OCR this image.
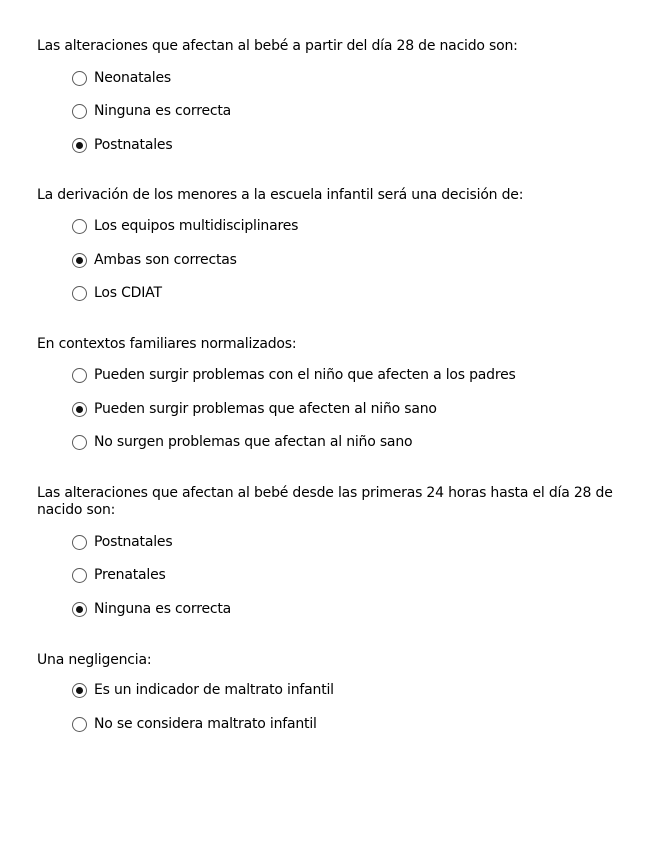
Las alteraciones que afectan al bebé a partir del día 28 de nacido son:

Neonatales
Ninguna es correcta
Postnatales

La derivación de los menores a la escuela infantil será una decisión de:

Los equipos multidisciplinares
Ambas son correctas
Los CDIAT

En contextos familiares normalizados:

Pueden surgir problemas con el niño que afecten a los padres
Pueden surgir problemas que afecten al niño sano
No surgen problemas que afectan al niño sano

Las alteraciones que afectan al bebé desde las primeras 24 horas hasta el día 28 de nacido son:

Postnatales
Prenatales
Ninguna es correcta

Una negligencia:

Es un indicador de maltrato infantil
No se considera maltrato infantil
